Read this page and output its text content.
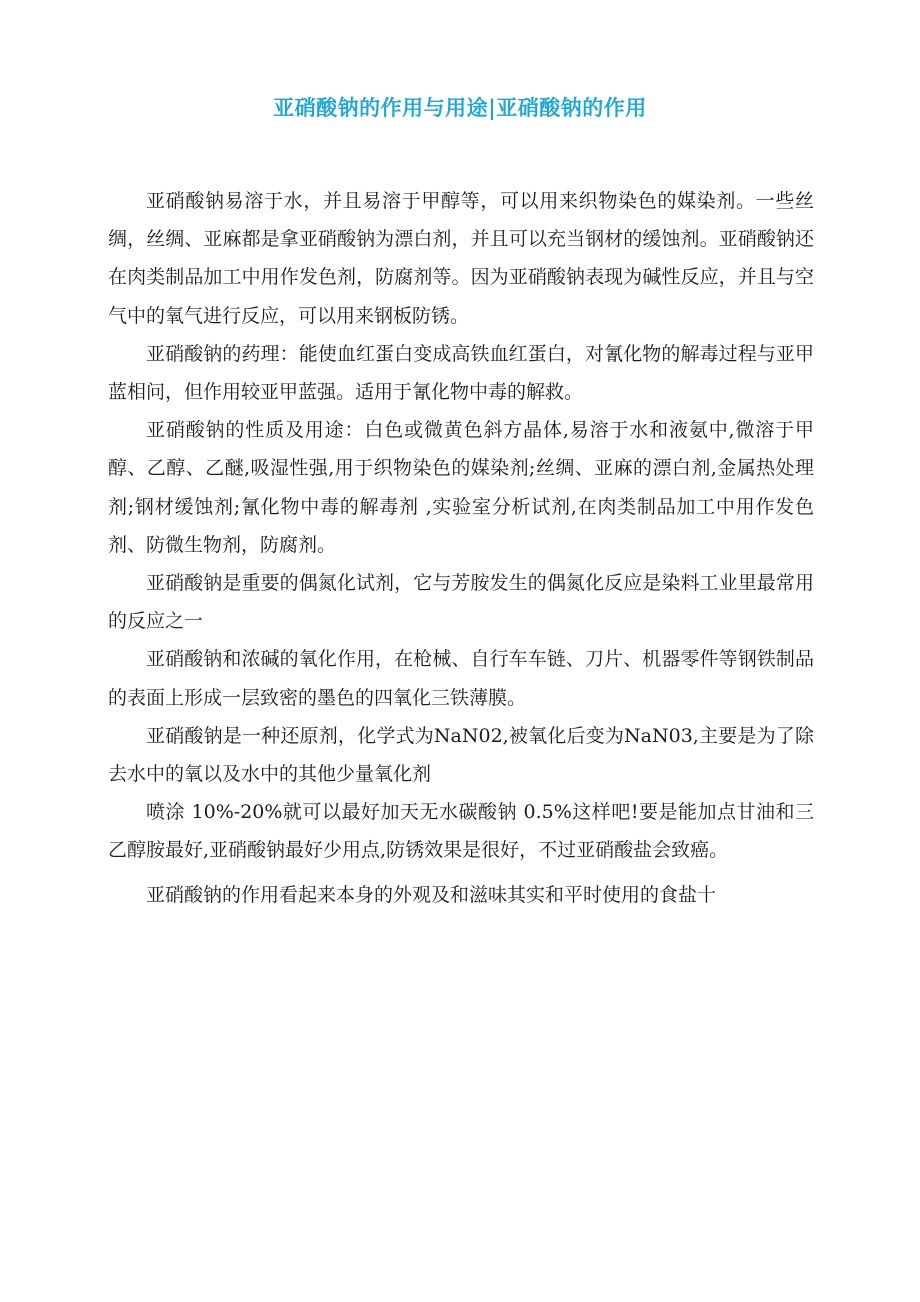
亚硝酸钠的作用与用途|亚硝酸钠的作用

亚硝酸钠易溶于水，并且易溶于甲醇等，可以用来织物染色的媒染剂。一些丝绸，丝绸、亚麻都是拿亚硝酸钠为漂白剂，并且可以充当钢材的缓蚀剂。亚硝酸钠还在肉类制品加工中用作发色剂，防腐剂等。因为亚硝酸钠表现为碱性反应，并且与空气中的氧气进行反应，可以用来钢板防锈。

亚硝酸钠的药理：能使血红蛋白变成高铁血红蛋白，对氰化物的解毒过程与亚甲蓝相问，但作用较亚甲蓝强。适用于氰化物中毒的解救。

亚硝酸钠的性质及用途：白色或微黄色斜方晶体,易溶于水和液氨中,微溶于甲醇、乙醇、乙醚,吸湿性强,用于织物染色的媒染剂;丝绸、亚麻的漂白剂,金属热处理剂;钢材缓蚀剂;氰化物中毒的解毒剂 ,实验室分析试剂,在肉类制品加工中用作发色剂、防微生物剂，防腐剂。

亚硝酸钠是重要的偶氮化试剂，它与芳胺发生的偶氮化反应是染料工业里最常用的反应之一

亚硝酸钠和浓碱的氧化作用，在枪械、自行车车链、刀片、机器零件等钢铁制品的表面上形成一层致密的墨色的四氧化三铁薄膜。

亚硝酸钠是一种还原剂，化学式为NaN02,被氧化后变为NaN03,主要是为了除去水中的氧以及水中的其他少量氧化剂

喷涂 10%-20%就可以最好加天无水碳酸钠 0.5%这样吧!要是能加点甘油和三乙醇胺最好,亚硝酸钠最好少用点,防锈效果是很好，不过亚硝酸盐会致癌。

亚硝酸钠的作用看起来本身的外观及和滋味其实和平时使用的食盐十
